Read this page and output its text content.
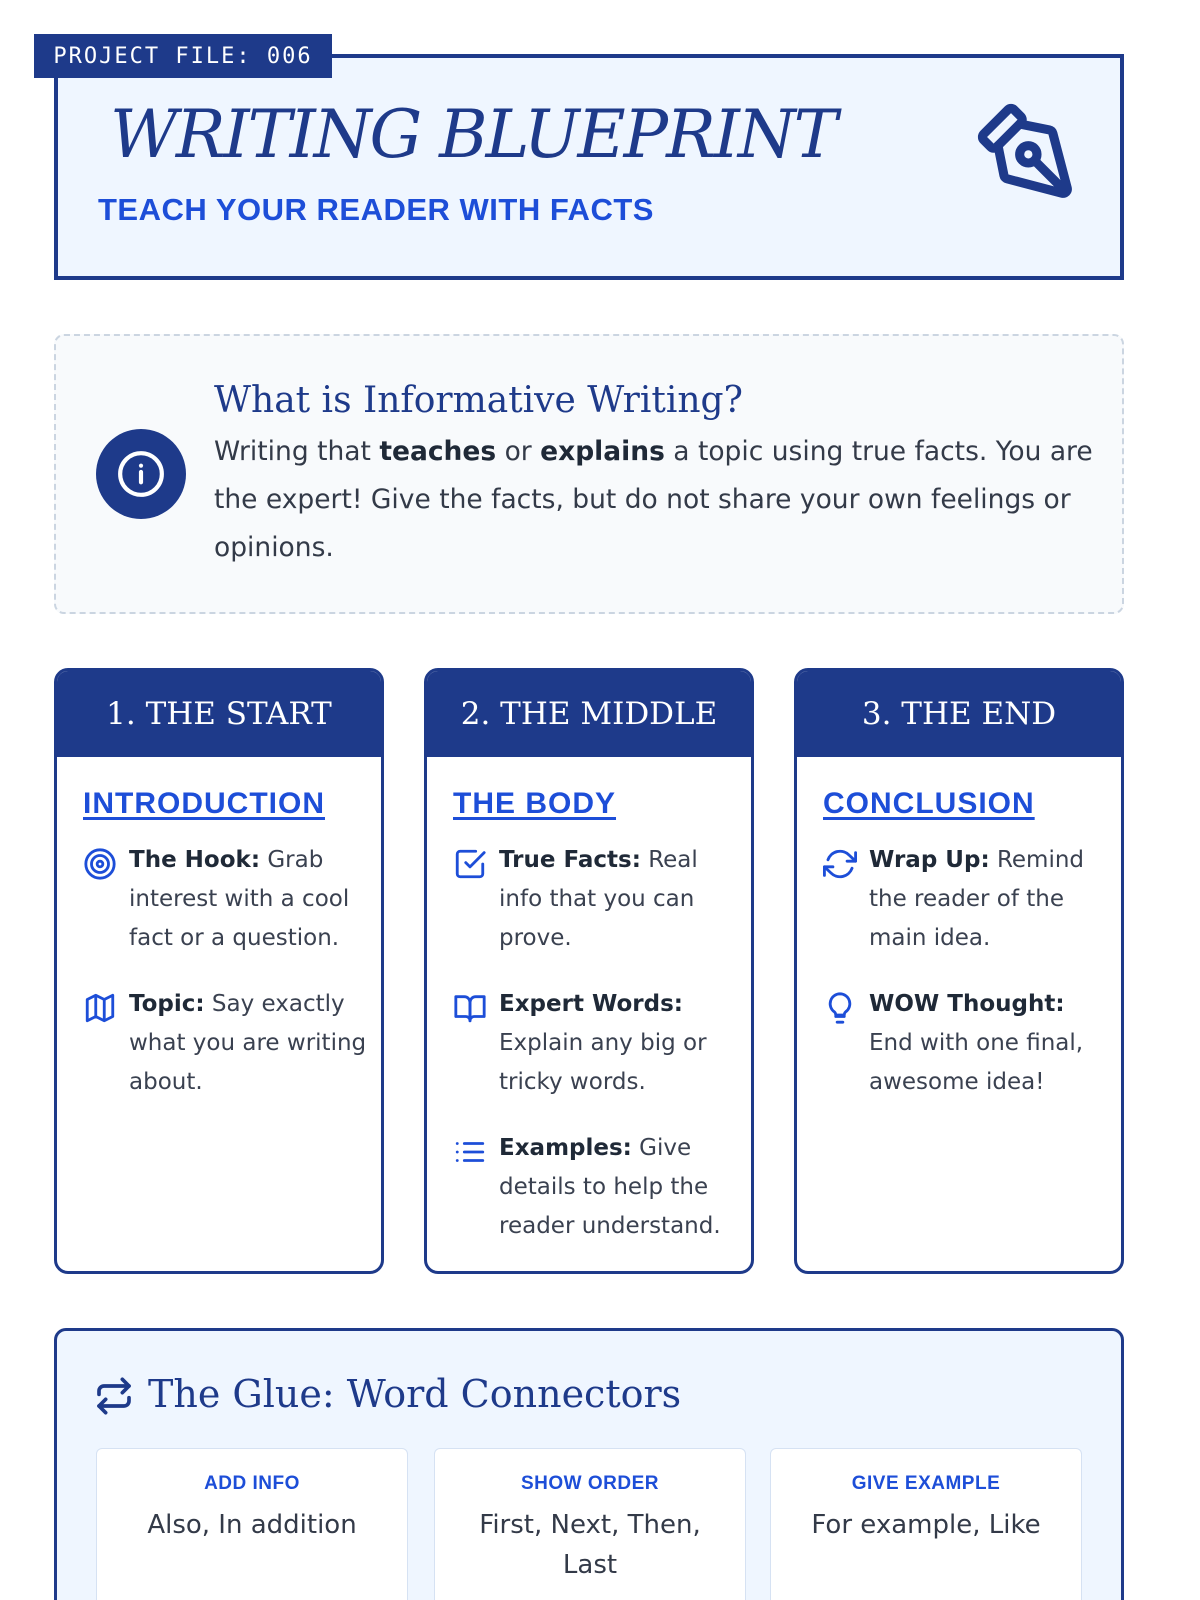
PROJECT FILE: 006
WRITING BLUEPRINT
TEACH YOUR READER WITH FACTS
What is Informative Writing?
Writing that teaches or explains a topic using true facts. You are the expert! Give the facts, but do not share your own feelings or opinions.
1. THE START
INTRODUCTION
The Hook: Grab interest with a cool fact or a question.
Topic: Say exactly what you are writing about.
2. THE MIDDLE
THE BODY
True Facts: Real info that you can prove.
Expert Words: Explain any big or tricky words.
Examples: Give details to help the reader understand.
3. THE END
CONCLUSION
Wrap Up: Remind the reader of the main idea.
WOW Thought: End with one final, awesome idea!
The Glue: Word Connectors
ADD INFO
Also, In addition
SHOW ORDER
First, Next, Then, Last
GIVE EXAMPLE
For example, Like
